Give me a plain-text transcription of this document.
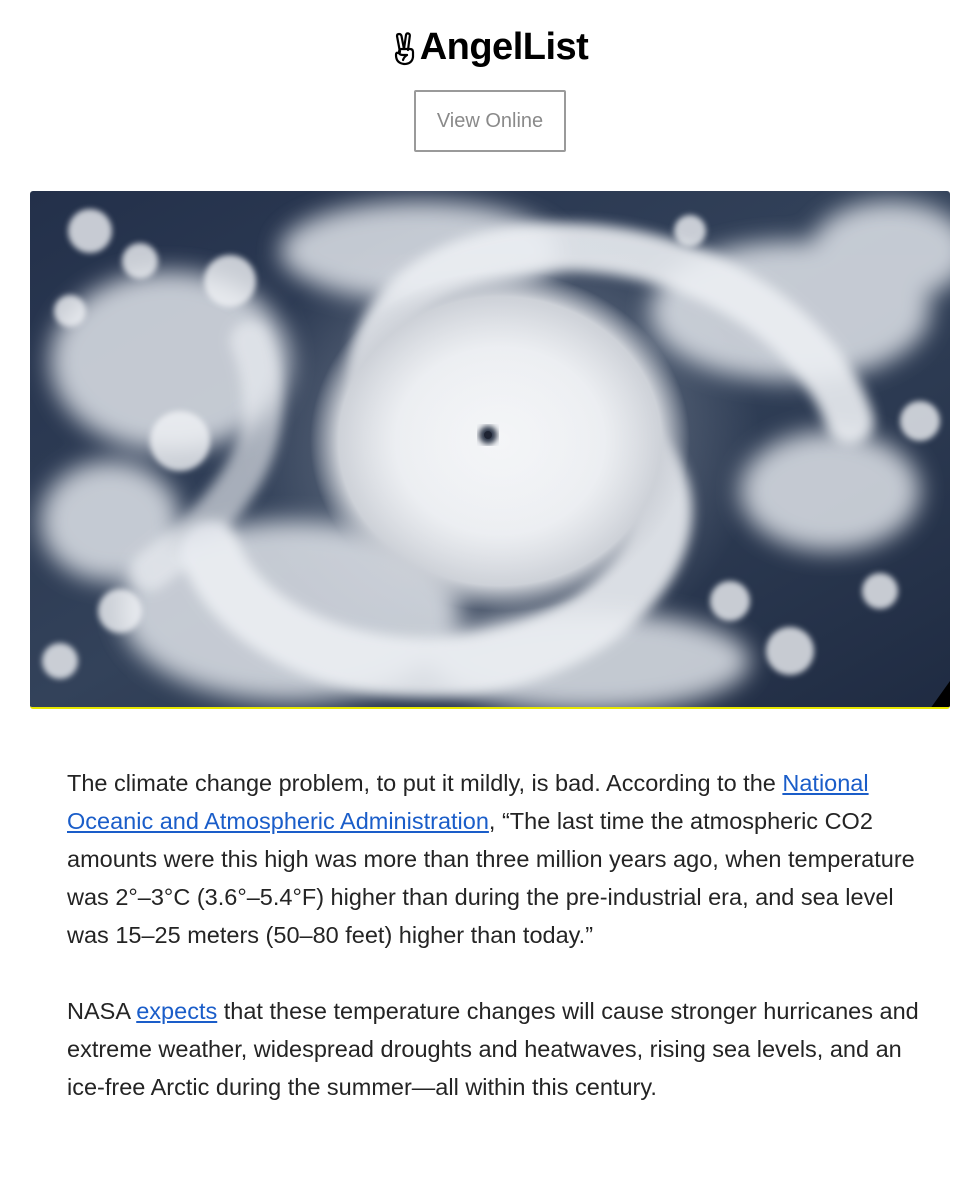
AngelList
View Online

The climate change problem, to put it mildly, is bad. According to the National Oceanic and Atmospheric Administration, “The last time the atmospheric CO2 amounts were this high was more than three million years ago, when temperature was 2°–3°C (3.6°–5.4°F) higher than during the pre-industrial era, and sea level was 15–25 meters (50–80 feet) higher than today.”

NASA expects that these temperature changes will cause stronger hurricanes and extreme weather, widespread droughts and heatwaves, rising sea levels, and an ice-free Arctic during the summer—all within this century.
